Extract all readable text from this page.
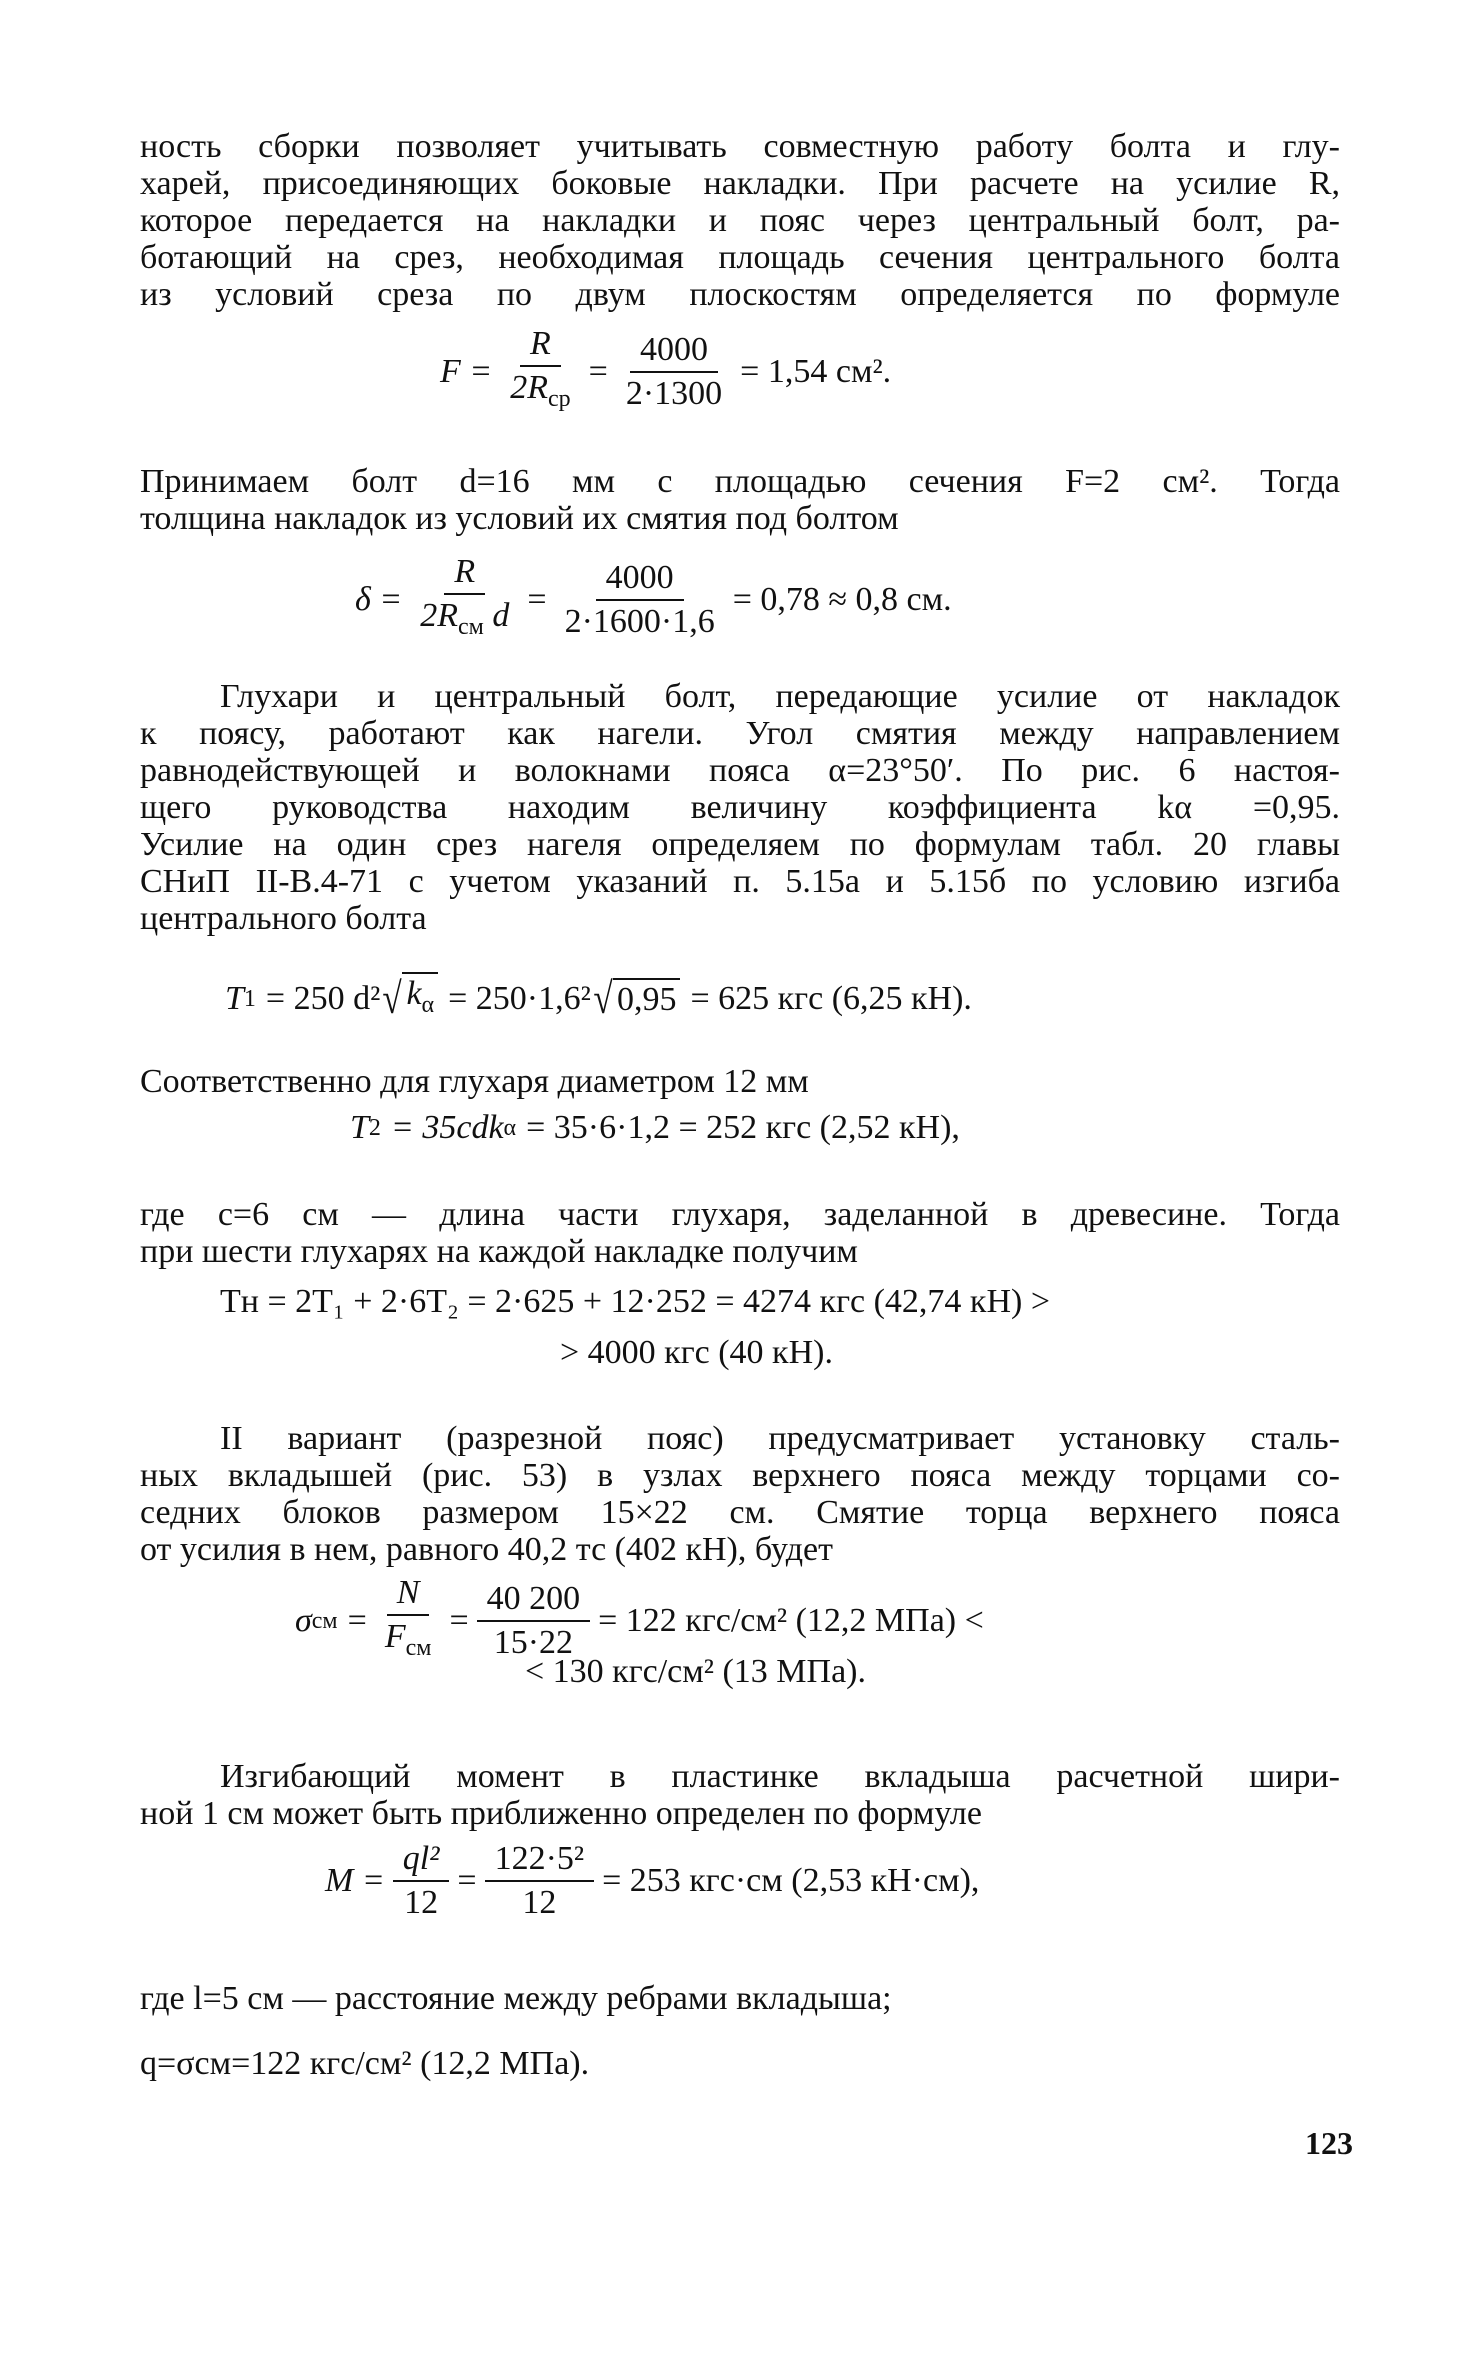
ность сборки позволяет учитывать совместную работу болта и глу-
харей, присоединяющих боковые накладки. При расчете на усилие R,
которое передается на накладки и пояс через центральный болт, ра-
ботающий на срез, необходимая площадь сечения центрального болта
из условий среза по двум плоскостям определяется по формуле
$F = \frac{R}{2R_{ср}} = \frac{4000}{2\cdot 1300} = 1,54$ см².
Принимаем болт d=16 мм с площадью сечения F=2 см². Тогда
толщина накладок из условий их смятия под болтом
$\delta = \frac{R}{2R_{см} d} = \frac{4000}{2\cdot 1600\cdot 1,6} = 0,78 \approx 0,8$ см.
Глухари и центральный болт, передающие усилие от накладок
к поясу, работают как нагели. Угол смятия между направлением
равнодействующей и волокнами пояса α=23°50′. По рис. 6 настоя-
щего руководства находим величину коэффициента kα =0,95.
Усилие на один срез нагеля определяем по формулам табл. 20 главы
СНиП II-В.4-71 с учетом указаний п. 5.15а и 5.15б по условию изгиба
центрального болта
T 1 = 250 d² √ $k_\alpha = 250\cdot 1,6^2$ √ 0,95 = 625 кгс (6,25 кН).
Соответственно для глухаря диаметром 12 мм
T 2 = 35cdk α = 35·6·1,2 = 252 кгс (2,52 кН),
где c=6 см — длина части глухаря, заделанной в древесине. Тогда
при шести глухарях на каждой накладке получим
Tн = 2T₁ + 2·6T₂ = 2·625 + 12·252 = 4274 кгс (42,74 кН) >
> 4000 кгс (40 кН).
II вариант (разрезной пояс) предусматривает установку сталь-
ных вкладышей (рис. 53) в узлах верхнего пояса между торцами со-
седних блоков размером 15×22 см. Смятие торца верхнего пояса
от усилия в нем, равного 40,2 тс (402 кН), будет
σ см = $\frac{N}{F_{см}} = \frac{40 200}{15\cdot 22} = 122$ кгс/см² (12,2 МПа) <
< 130 кгс/см² (13 МПа).
Изгибающий момент в пластинке вкладыша расчетной шири-
ной 1 см может быть приближенно определен по формуле
$M = \frac{\text{ql²}}{12} = \frac{\text{122·5²}}{12} = 253$ кгс·см (2,53 кН·см),
где l=5 см — расстояние между ребрами вкладыша;
q=σсм=122 кгс/см² (12,2 МПа).
123
